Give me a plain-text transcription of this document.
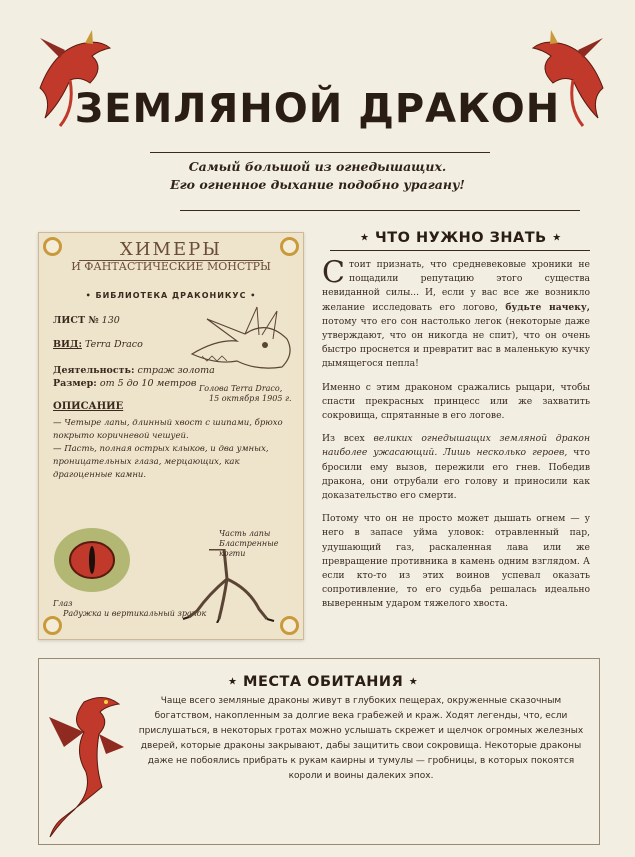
ЗЕМЛЯНОЙ ДРАКОН
Самый большой из огнедышащих.
Его огненное дыхание подобно урагану!
ХИМЕРЫ
И ФАНТАСТИЧЕСКИЕ МОНСТРЫ
• БИБЛИОТЕКА ДРАКОНИКУС •
ЛИСТ № 130
ВИД: Terra Draco
Деятельность: страж золота
Размер: от 5 до 10 метров Голова Terra Draco,
15 октября 1905 г.
ОПИСАНИЕ
— Четыре лапы, длинный хвост с шипами, брюхо покрыто коричневой чешуей.
— Пасть, полная острых клыков, и два умных, проницательных глаза, мерцающих, как драгоценные камни.
Глаз
Радужка и вертикальный зрачок
Часть лапы
Бластренные когти
★ ЧТО НУЖНО ЗНАТЬ ★

Стоит признать, что средневековые хроники не пощадили репутацию этого существа невиданной силы... И, если у вас все же возникло желание исследовать его логово, будьте начеку, потому что его сон настолько легок (некоторые даже утверждают, что он никогда не спит), что он очень быстро проснется и превратит вас в маленькую кучку дымящегося пепла!

Именно с этим драконом сражались рыцари, чтобы спасти прекрасных принцесс или же захватить сокровища, спрятанные в его логове.

Из всех великих огнедышащих земляной дракон наиболее ужасающий. Лишь несколько героев, что бросили ему вызов, пережили его гнев. Победив дракона, они отрубали его голову и приносили как доказательство его смерти.

Потому что он не просто может дышать огнем — у него в запасе уйма уловок: отравленный пар, удушающий газ, раскаленная лава или же превращение противника в камень одним взглядом. А если кто-то из этих воинов успевал оказать сопротивление, то его судьба решалась идеально выверенным ударом тяжелого хвоста.

★ МЕСТА ОБИТАНИЯ ★
Чаще всего земляные драконы живут в глубоких пещерах, окруженные сказочным богатством, накопленным за долгие века грабежей и краж. Ходят легенды, что, если прислушаться, в некоторых гротах можно услышать скрежет и щелчок огромных железных дверей, которые драконы закрывают, дабы защитить свои сокровища. Некоторые драконы даже не побоялись прибрать к рукам каирны и тумулы — гробницы, в которых покоятся короли и воины далеких эпох.
